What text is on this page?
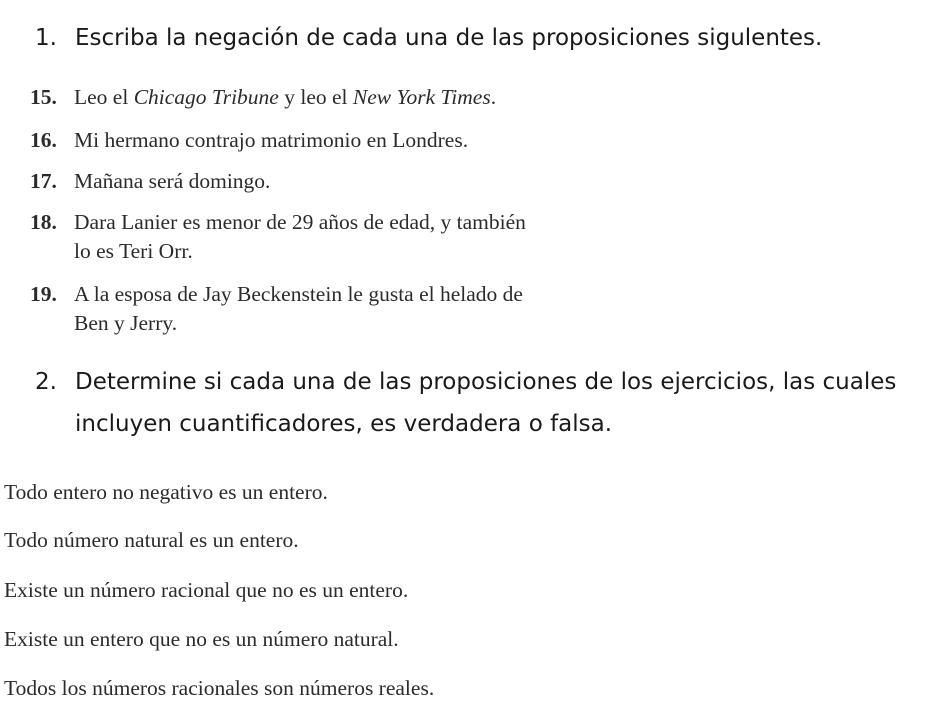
1. Escriba la negación de cada una de las proposiciones sigulentes.
15. Leo el Chicago Tribune y leo el New York Times.
16. Mi hermano contrajo matrimonio en Londres.
17. Mañana será domingo.
18. Dara Lanier es menor de 29 años de edad, y también
lo es Teri Orr.
19. A la esposa de Jay Beckenstein le gusta el helado de
Ben y Jerry.
2. Determine si cada una de las proposiciones de los ejercicios, las cuales
incluyen cuantificadores, es verdadera o falsa.
Todo entero no negativo es un entero.
Todo número natural es un entero.
Existe un número racional que no es un entero.
Existe un entero que no es un número natural.
Todos los números racionales son números reales.
